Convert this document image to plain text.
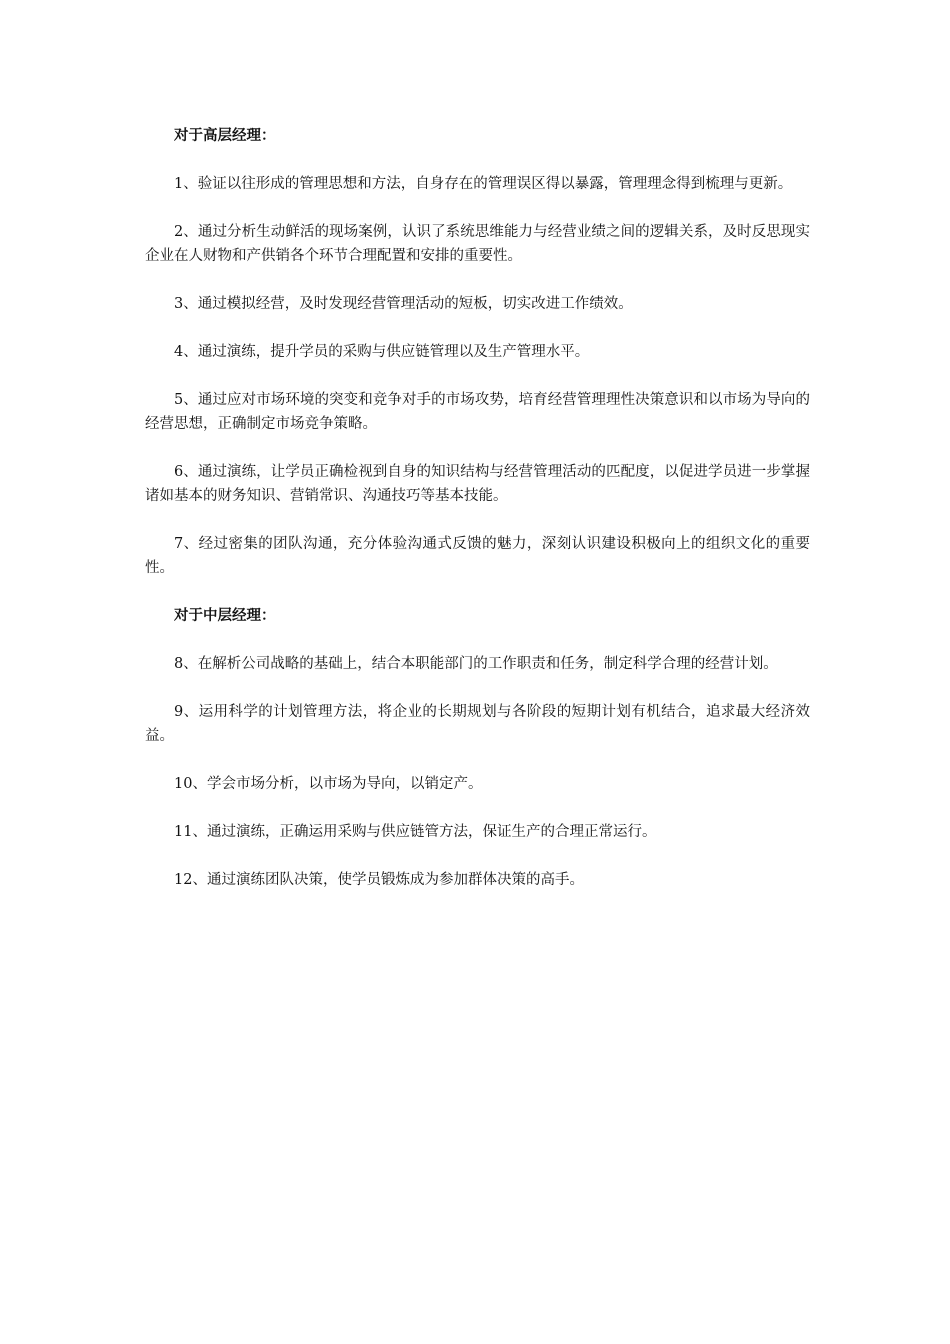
对于高层经理：

1、验证以往形成的管理思想和方法，自身存在的管理误区得以暴露，管理理念得到梳理与更新。

2、通过分析生动鲜活的现场案例，认识了系统思维能力与经营业绩之间的逻辑关系，及时反思现实企业在人财物和产供销各个环节合理配置和安排的重要性。

3、通过模拟经营，及时发现经营管理活动的短板，切实改进工作绩效。

4、通过演练，提升学员的采购与供应链管理以及生产管理水平。

5、通过应对市场环境的突变和竞争对手的市场攻势，培育经营管理理性决策意识和以市场为导向的经营思想，正确制定市场竞争策略。

6、通过演练，让学员正确检视到自身的知识结构与经营管理活动的匹配度，以促进学员进一步掌握诸如基本的财务知识、营销常识、沟通技巧等基本技能。

7、经过密集的团队沟通，充分体验沟通式反馈的魅力，深刻认识建设积极向上的组织文化的重要性。

对于中层经理：

8、在解析公司战略的基础上，结合本职能部门的工作职责和任务，制定科学合理的经营计划。

9、运用科学的计划管理方法，将企业的长期规划与各阶段的短期计划有机结合，追求最大经济效益。

10、学会市场分析，以市场为导向，以销定产。

11、通过演练，正确运用采购与供应链管方法，保证生产的合理正常运行。

12、通过演练团队决策，使学员锻炼成为参加群体决策的高手。
